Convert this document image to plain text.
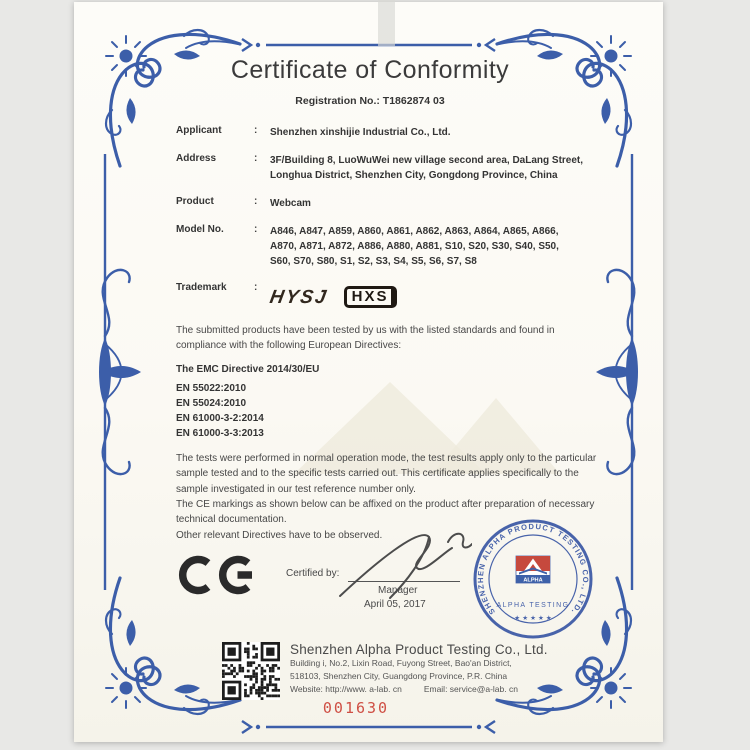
Certificate of Conformity
Registration No.: T1862874 03
Applicant	:	Shenzhen xinshijie Industrial Co., Ltd.
Address	:	3F/Building 8, LuoWuWei new village second area, DaLang Street,
Longhua District, Shenzhen City, Gongdong Province, China
Product	:	Webcam
Model No.	:	A846, A847, A859, A860, A861, A862, A863, A864, A865, A866,
A870, A871, A872, A886, A880, A881, S10, S20, S30, S40, S50,
S60, S70, S80, S1, S2, S3, S4, S5, S6, S7, S8
Trademark	: HYSJ	HXS
The submitted products have been tested by us with the listed standards and found in compliance with the following European Directives:
The EMC Directive 2014/30/EU
EN 55022:2010
EN 55024:2010
EN 61000-3-2:2014
EN 61000-3-3:2013
The tests were performed in normal operation mode, the test results apply only to the particular sample tested and to the specific tests carried out. This certificate applies specifically to the sample investigated in our test reference number only.
The CE markings as shown below can be affixed on the product after preparation of necessary technical documentation.
Other relevant Directives have to be observed.
Certified by:
Manager
April 05, 2017
SHENZHEN ALPHA PRODUCT TESTING CO., LTD.
ALPHA
ALPHA TESTING
★ ★ ★ ★ ★
Shenzhen Alpha Product Testing Co., Ltd.
Building i, No.2, Lixin Road, Fuyong Street, Bao'an District,
518103, Shenzhen City, Guangdong Province, P.R. China
Website: http://www. a-lab. cn	Email: service@a-lab. cn
001630
